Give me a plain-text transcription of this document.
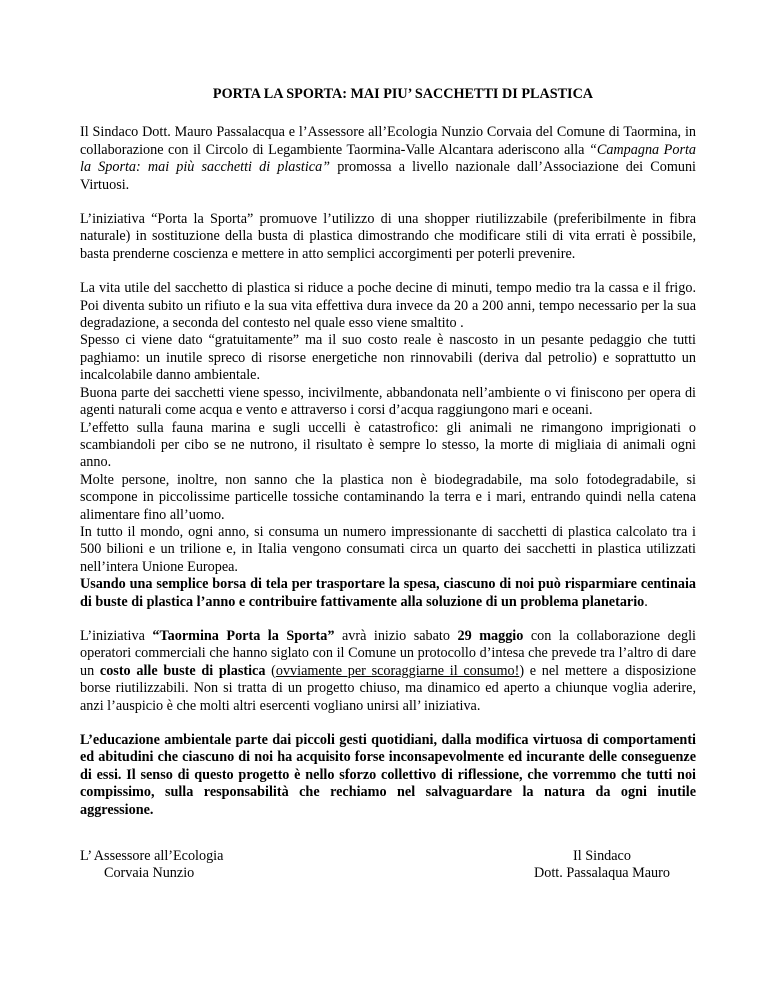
PORTA LA SPORTA: MAI PIU’ SACCHETTI DI PLASTICA

Il Sindaco Dott. Mauro Passalacqua e l’Assessore all’Ecologia Nunzio Corvaia del Comune di Taormina, in collaborazione con il Circolo di Legambiente Taormina-Valle Alcantara aderiscono alla “Campagna Porta la Sporta: mai più sacchetti di plastica” promossa a livello nazionale dall’Associazione dei Comuni Virtuosi.

L’iniziativa “Porta la Sporta” promuove l’utilizzo di una shopper riutilizzabile (preferibilmente in fibra naturale) in sostituzione della busta di plastica dimostrando che modificare stili di vita errati è possibile, basta prenderne coscienza e mettere in atto semplici accorgimenti per poterli prevenire.

La vita utile del sacchetto di plastica si riduce a poche decine di minuti, tempo medio tra la cassa e il frigo. Poi diventa subito un rifiuto e la sua vita effettiva dura invece da 20 a 200 anni, tempo necessario per la sua degradazione, a seconda del contesto nel quale esso viene smaltito .
Spesso ci viene dato “gratuitamente” ma il suo costo reale è nascosto in un pesante pedaggio che tutti paghiamo: un inutile spreco di risorse energetiche non rinnovabili (deriva dal petrolio) e soprattutto un incalcolabile danno ambientale.
Buona parte dei sacchetti viene spesso, incivilmente, abbandonata nell’ambiente o vi finiscono per opera di agenti naturali come acqua e vento e attraverso i corsi d’acqua raggiungono mari e oceani.
L’effetto sulla fauna marina e sugli uccelli è catastrofico: gli animali ne rimangono imprigionati o scambiandoli per cibo se ne nutrono, il risultato è sempre lo stesso, la morte di migliaia di animali ogni anno.
Molte persone, inoltre, non sanno che la plastica non è biodegradabile, ma solo fotodegradabile, si scompone in piccolissime particelle tossiche contaminando la terra e i mari, entrando quindi nella catena alimentare fino all’uomo.
In tutto il mondo, ogni anno, si consuma un numero impressionante di sacchetti di plastica calcolato tra i 500 bilioni e un trilione e, in Italia vengono consumati circa un quarto dei sacchetti in plastica utilizzati nell’intera Unione Europea.
Usando una semplice borsa di tela per trasportare la spesa, ciascuno di noi può risparmiare centinaia di buste di plastica l’anno e contribuire fattivamente alla soluzione di un problema planetario.

L’iniziativa “Taormina Porta la Sporta” avrà inizio sabato 29 maggio con la collaborazione degli operatori commerciali che hanno siglato con il Comune un protocollo d’intesa che prevede tra l’altro di dare un costo alle buste di plastica (ovviamente per scoraggiarne il consumo!) e nel mettere a disposizione borse riutilizzabili. Non si tratta di un progetto chiuso, ma dinamico ed aperto a chiunque voglia aderire, anzi l’auspicio è che molti altri esercenti vogliano unirsi all’ iniziativa.

L’educazione ambientale parte dai piccoli gesti quotidiani, dalla modifica virtuosa di comportamenti ed abitudini che ciascuno di noi ha acquisito forse inconsapevolmente ed incurante delle conseguenze di essi. Il senso di questo progetto è nello sforzo collettivo di riflessione, che vorremmo che tutti noi compissimo, sulla responsabilità che rechiamo nel salvaguardare la natura da ogni inutile aggressione.

L’ Assessore all’Ecologia
Corvaia Nunzio
Il Sindaco
Dott. Passalaqua Mauro
